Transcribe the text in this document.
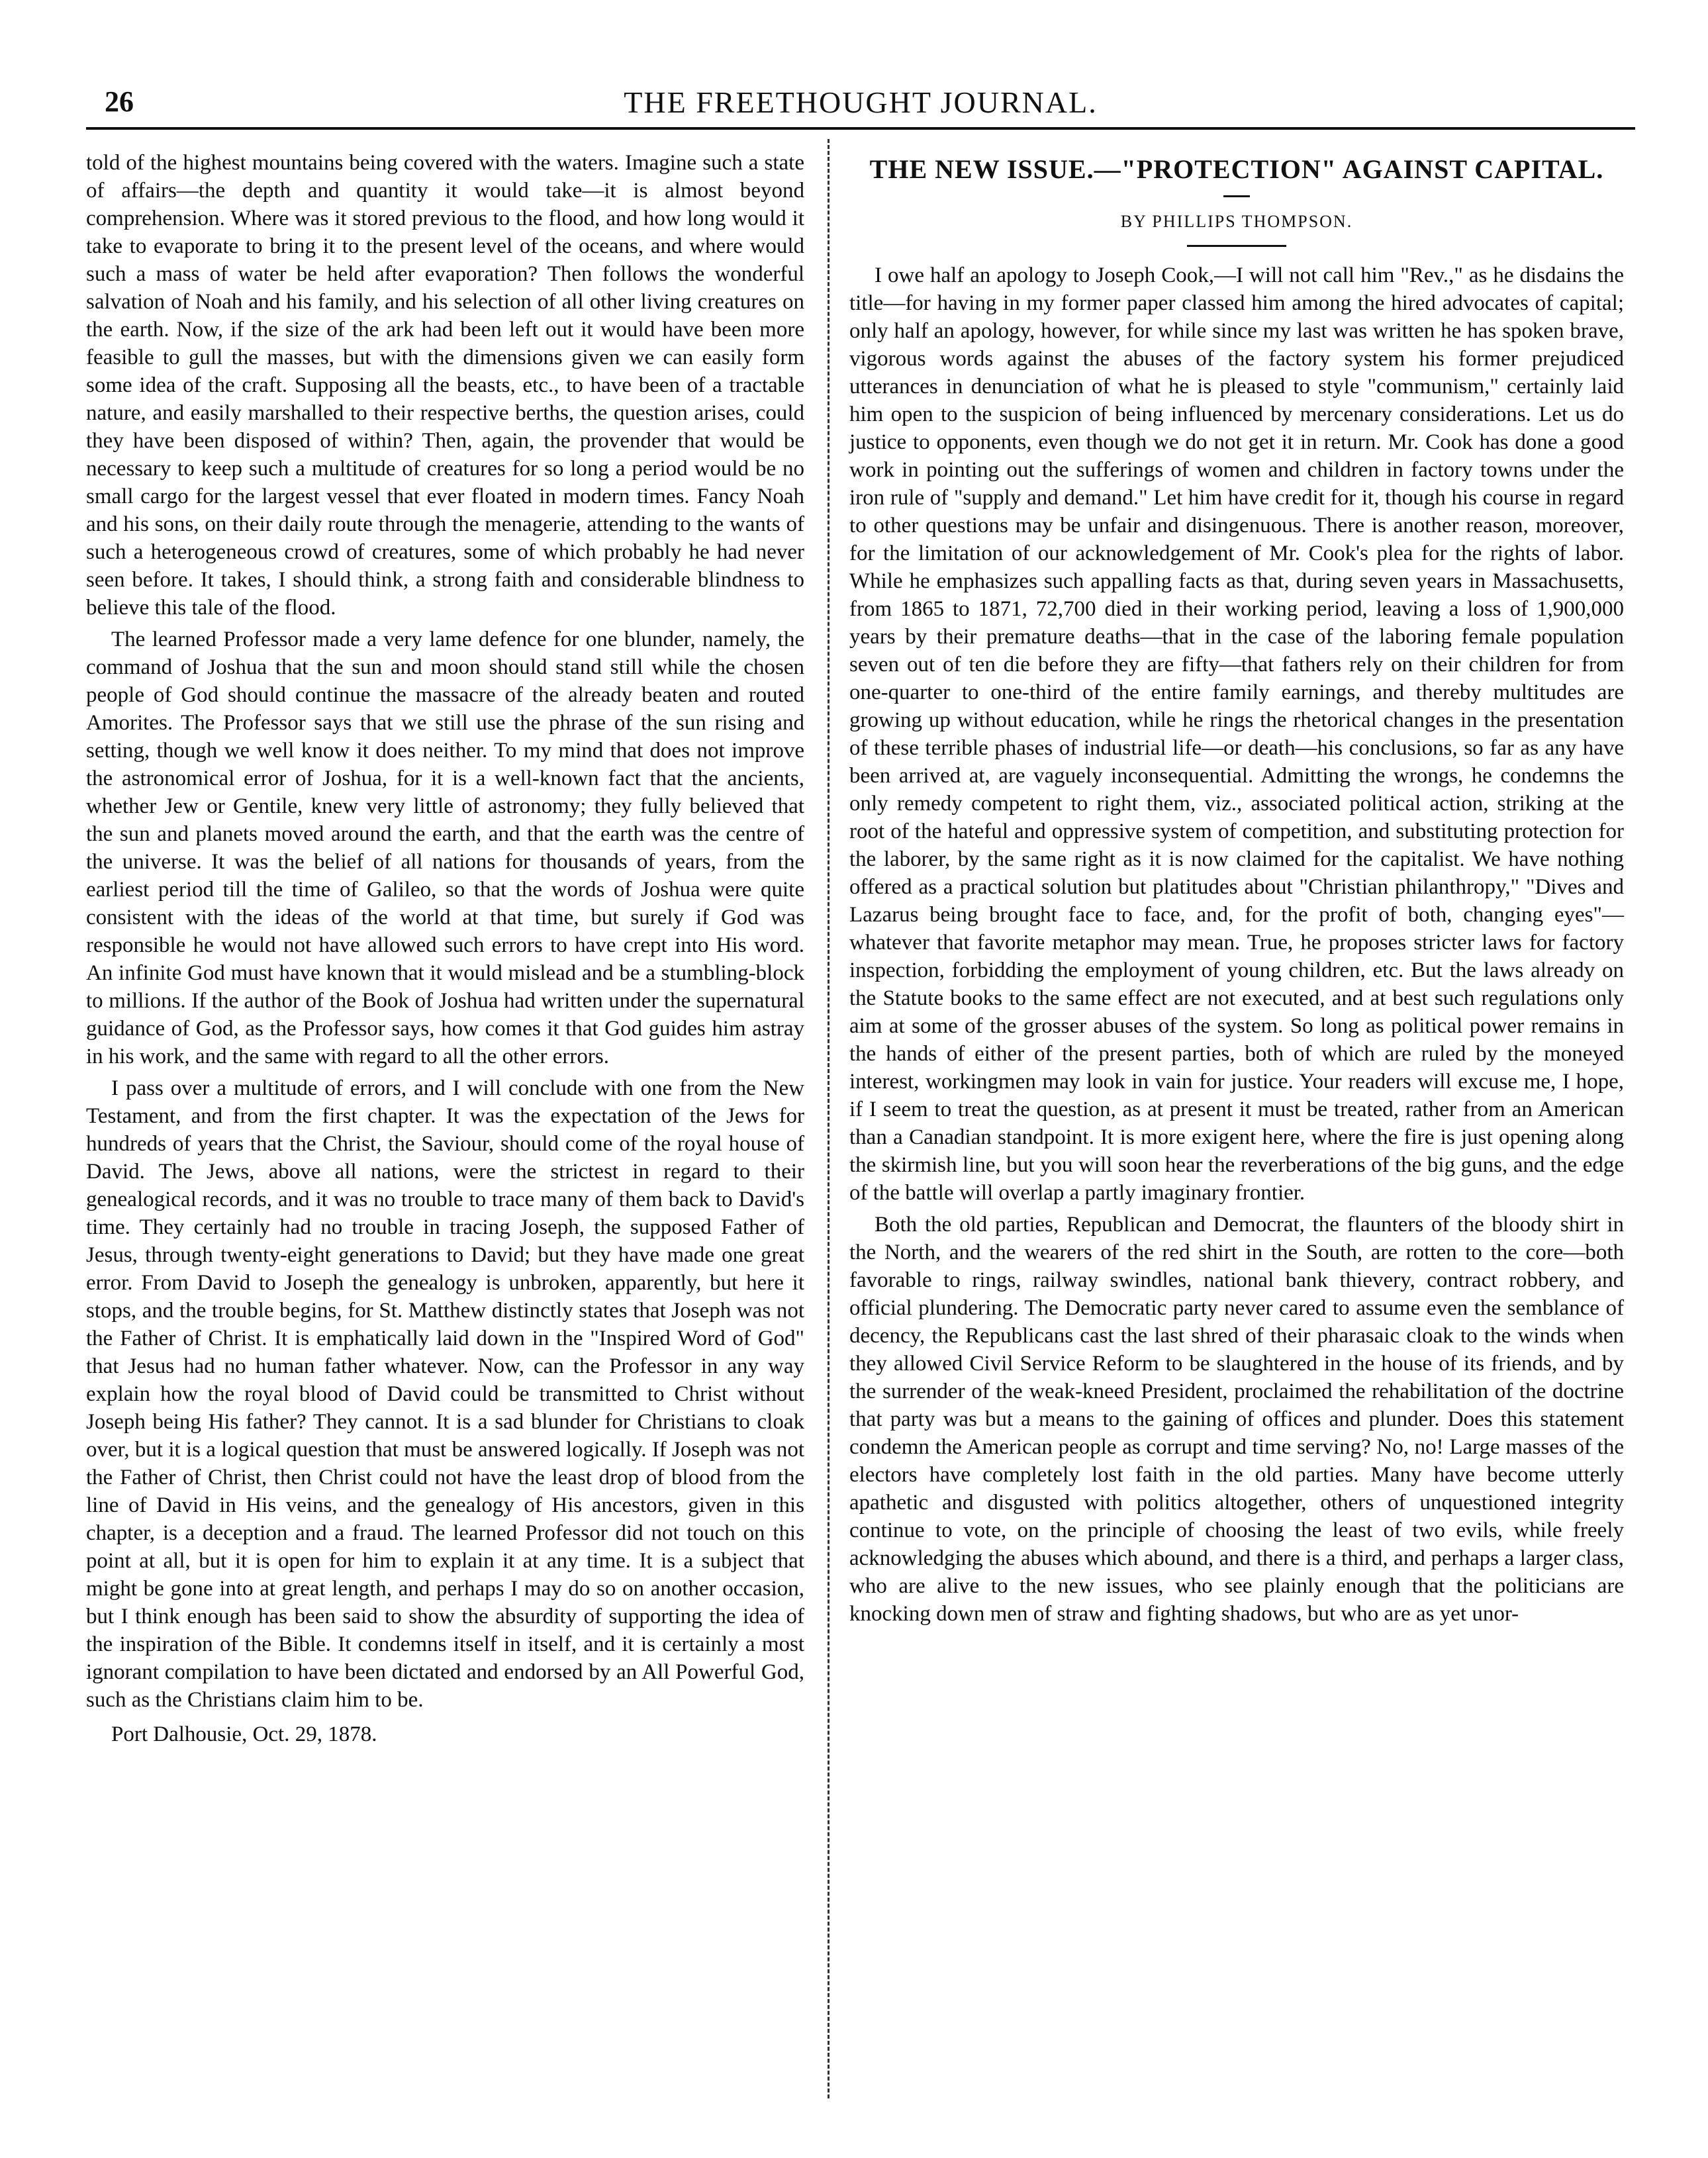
26	THE FREETHOUGHT JOURNAL.

told of the highest mountains being covered with the waters. Imagine such a state of affairs—the depth and quantity it would take—it is almost beyond comprehension. Where was it stored previous to the flood, and how long would it take to evaporate to bring it to the present level of the oceans, and where would such a mass of water be held after evaporation? Then follows the wonderful salvation of Noah and his family, and his selection of all other living creatures on the earth. Now, if the size of the ark had been left out it would have been more feasible to gull the masses, but with the dimensions given we can easily form some idea of the craft. Supposing all the beasts, etc., to have been of a tractable nature, and easily marshalled to their respective berths, the question arises, could they have been disposed of within? Then, again, the provender that would be necessary to keep such a multitude of creatures for so long a period would be no small cargo for the largest vessel that ever floated in modern times. Fancy Noah and his sons, on their daily route through the menagerie, attending to the wants of such a heterogeneous crowd of creatures, some of which probably he had never seen before. It takes, I should think, a strong faith and considerable blindness to believe this tale of the flood.

The learned Professor made a very lame defence for one blunder, namely, the command of Joshua that the sun and moon should stand still while the chosen people of God should continue the massacre of the already beaten and routed Amorites. The Professor says that we still use the phrase of the sun rising and setting, though we well know it does neither. To my mind that does not improve the astronomical error of Joshua, for it is a well-known fact that the ancients, whether Jew or Gentile, knew very little of astronomy; they fully believed that the sun and planets moved around the earth, and that the earth was the centre of the universe. It was the belief of all nations for thousands of years, from the earliest period till the time of Galileo, so that the words of Joshua were quite consistent with the ideas of the world at that time, but surely if God was responsible he would not have allowed such errors to have crept into His word. An infinite God must have known that it would mislead and be a stumbling-block to millions. If the author of the Book of Joshua had written under the supernatural guidance of God, as the Professor says, how comes it that God guides him astray in his work, and the same with regard to all the other errors.

I pass over a multitude of errors, and I will conclude with one from the New Testament, and from the first chapter. It was the expectation of the Jews for hundreds of years that the Christ, the Saviour, should come of the royal house of David. The Jews, above all nations, were the strictest in regard to their genealogical records, and it was no trouble to trace many of them back to David's time. They certainly had no trouble in tracing Joseph, the supposed Father of Jesus, through twenty-eight generations to David; but they have made one great error. From David to Joseph the genealogy is unbroken, apparently, but here it stops, and the trouble begins, for St. Matthew distinctly states that Joseph was not the Father of Christ. It is emphatically laid down in the "Inspired Word of God" that Jesus had no human father whatever. Now, can the Professor in any way explain how the royal blood of David could be transmitted to Christ without Joseph being His father? They cannot. It is a sad blunder for Christians to cloak over, but it is a logical question that must be answered logically. If Joseph was not the Father of Christ, then Christ could not have the least drop of blood from the line of David in His veins, and the genealogy of His ancestors, given in this chapter, is a deception and a fraud. The learned Professor did not touch on this point at all, but it is open for him to explain it at any time. It is a subject that might be gone into at great length, and perhaps I may do so on another occasion, but I think enough has been said to show the absurdity of supporting the idea of the inspiration of the Bible. It condemns itself in itself, and it is certainly a most ignorant compilation to have been dictated and endorsed by an All Powerful God, such as the Christians claim him to be.

Port Dalhousie, Oct. 29, 1878.
THE NEW ISSUE.—"PROTECTION" AGAINST CAPITAL.
BY PHILLIPS THOMPSON.

I owe half an apology to Joseph Cook,—I will not call him "Rev.," as he disdains the title—for having in my former paper classed him among the hired advocates of capital; only half an apology, however, for while since my last was written he has spoken brave, vigorous words against the abuses of the factory system his former prejudiced utterances in denunciation of what he is pleased to style "communism," certainly laid him open to the suspicion of being influenced by mercenary considerations. Let us do justice to opponents, even though we do not get it in return. Mr. Cook has done a good work in pointing out the sufferings of women and children in factory towns under the iron rule of "supply and demand." Let him have credit for it, though his course in regard to other questions may be unfair and disingenuous. There is another reason, moreover, for the limitation of our acknowledgement of Mr. Cook's plea for the rights of labor. While he emphasizes such appalling facts as that, during seven years in Massachusetts, from 1865 to 1871, 72,700 died in their working period, leaving a loss of 1,900,000 years by their premature deaths—that in the case of the laboring female population seven out of ten die before they are fifty—that fathers rely on their children for from one-quarter to one-third of the entire family earnings, and thereby multitudes are growing up without education, while he rings the rhetorical changes in the presentation of these terrible phases of industrial life—or death—his conclusions, so far as any have been arrived at, are vaguely inconsequential. Admitting the wrongs, he condemns the only remedy competent to right them, viz., associated political action, striking at the root of the hateful and oppressive system of competition, and substituting protection for the laborer, by the same right as it is now claimed for the capitalist. We have nothing offered as a practical solution but platitudes about "Christian philanthropy," "Dives and Lazarus being brought face to face, and, for the profit of both, changing eyes"—whatever that favorite metaphor may mean. True, he proposes stricter laws for factory inspection, forbidding the employment of young children, etc. But the laws already on the Statute books to the same effect are not executed, and at best such regulations only aim at some of the grosser abuses of the system. So long as political power remains in the hands of either of the present parties, both of which are ruled by the moneyed interest, workingmen may look in vain for justice. Your readers will excuse me, I hope, if I seem to treat the question, as at present it must be treated, rather from an American than a Canadian standpoint. It is more exigent here, where the fire is just opening along the skirmish line, but you will soon hear the reverberations of the big guns, and the edge of the battle will overlap a partly imaginary frontier.

Both the old parties, Republican and Democrat, the flaunters of the bloody shirt in the North, and the wearers of the red shirt in the South, are rotten to the core—both favorable to rings, railway swindles, national bank thievery, contract robbery, and official plundering. The Democratic party never cared to assume even the semblance of decency, the Republicans cast the last shred of their pharasaic cloak to the winds when they allowed Civil Service Reform to be slaughtered in the house of its friends, and by the surrender of the weak-kneed President, proclaimed the rehabilitation of the doctrine that party was but a means to the gaining of offices and plunder. Does this statement condemn the American people as corrupt and time serving? No, no! Large masses of the electors have completely lost faith in the old parties. Many have become utterly apathetic and disgusted with politics altogether, others of unquestioned integrity continue to vote, on the principle of choosing the least of two evils, while freely acknowledging the abuses which abound, and there is a third, and perhaps a larger class, who are alive to the new issues, who see plainly enough that the politicians are knocking down men of straw and fighting shadows, but who are as yet unor-
